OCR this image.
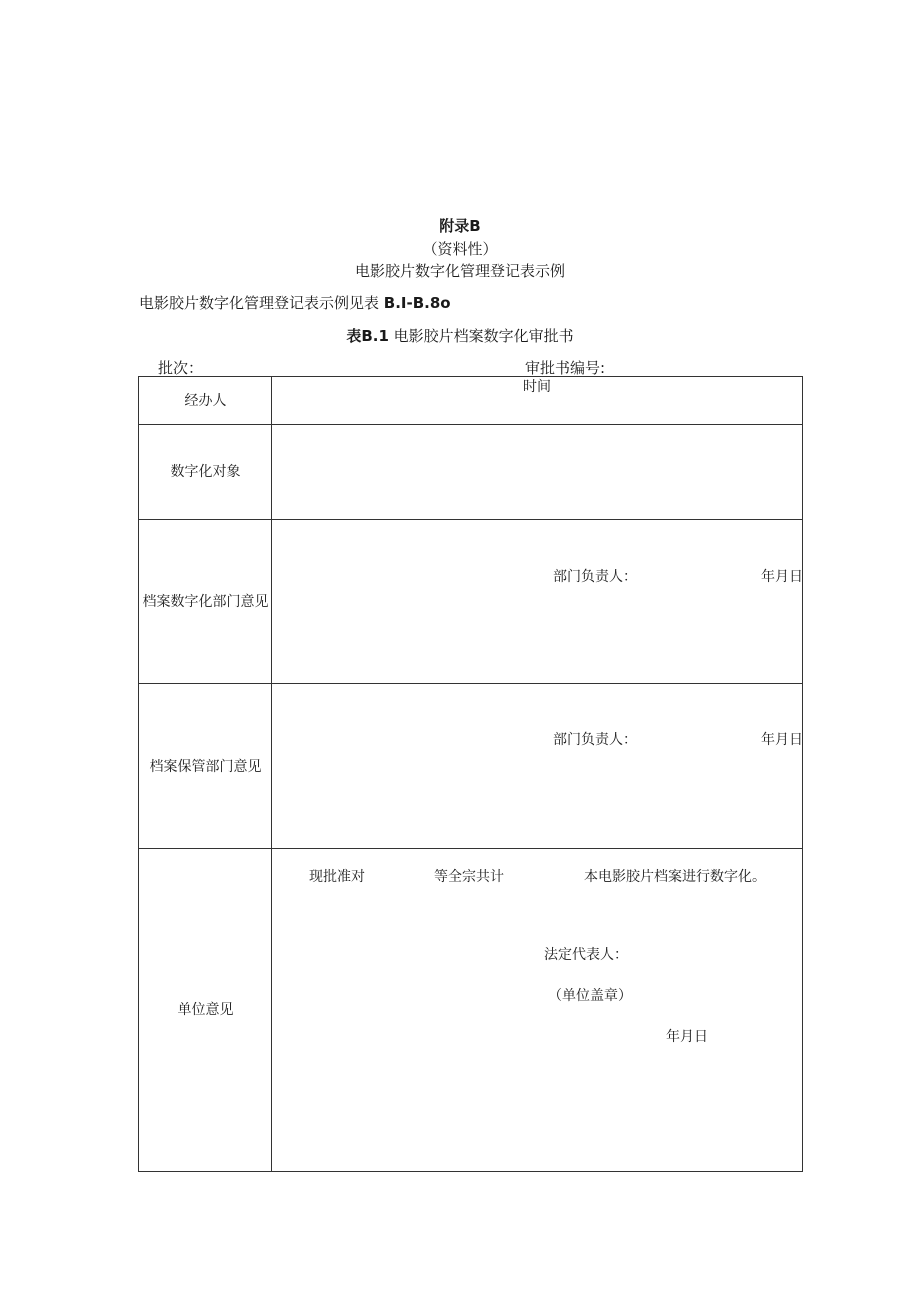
附录B
（资料性）
电影胶片数字化管理登记表示例
电影胶片数字化管理登记表示例见表 B.I-B.8o
表B.1 电影胶片档案数字化审批书
批次：	审批书编号:
经办人
时间
数字化对象
档案数字化部门意见
部门负责人：	年月日
档案保管部门意见
部门负责人：	年月日
单位意见
现批准对	等全宗共计	本电影胶片档案进行数字化。
法定代表人：
（单位盖章）
年月日
